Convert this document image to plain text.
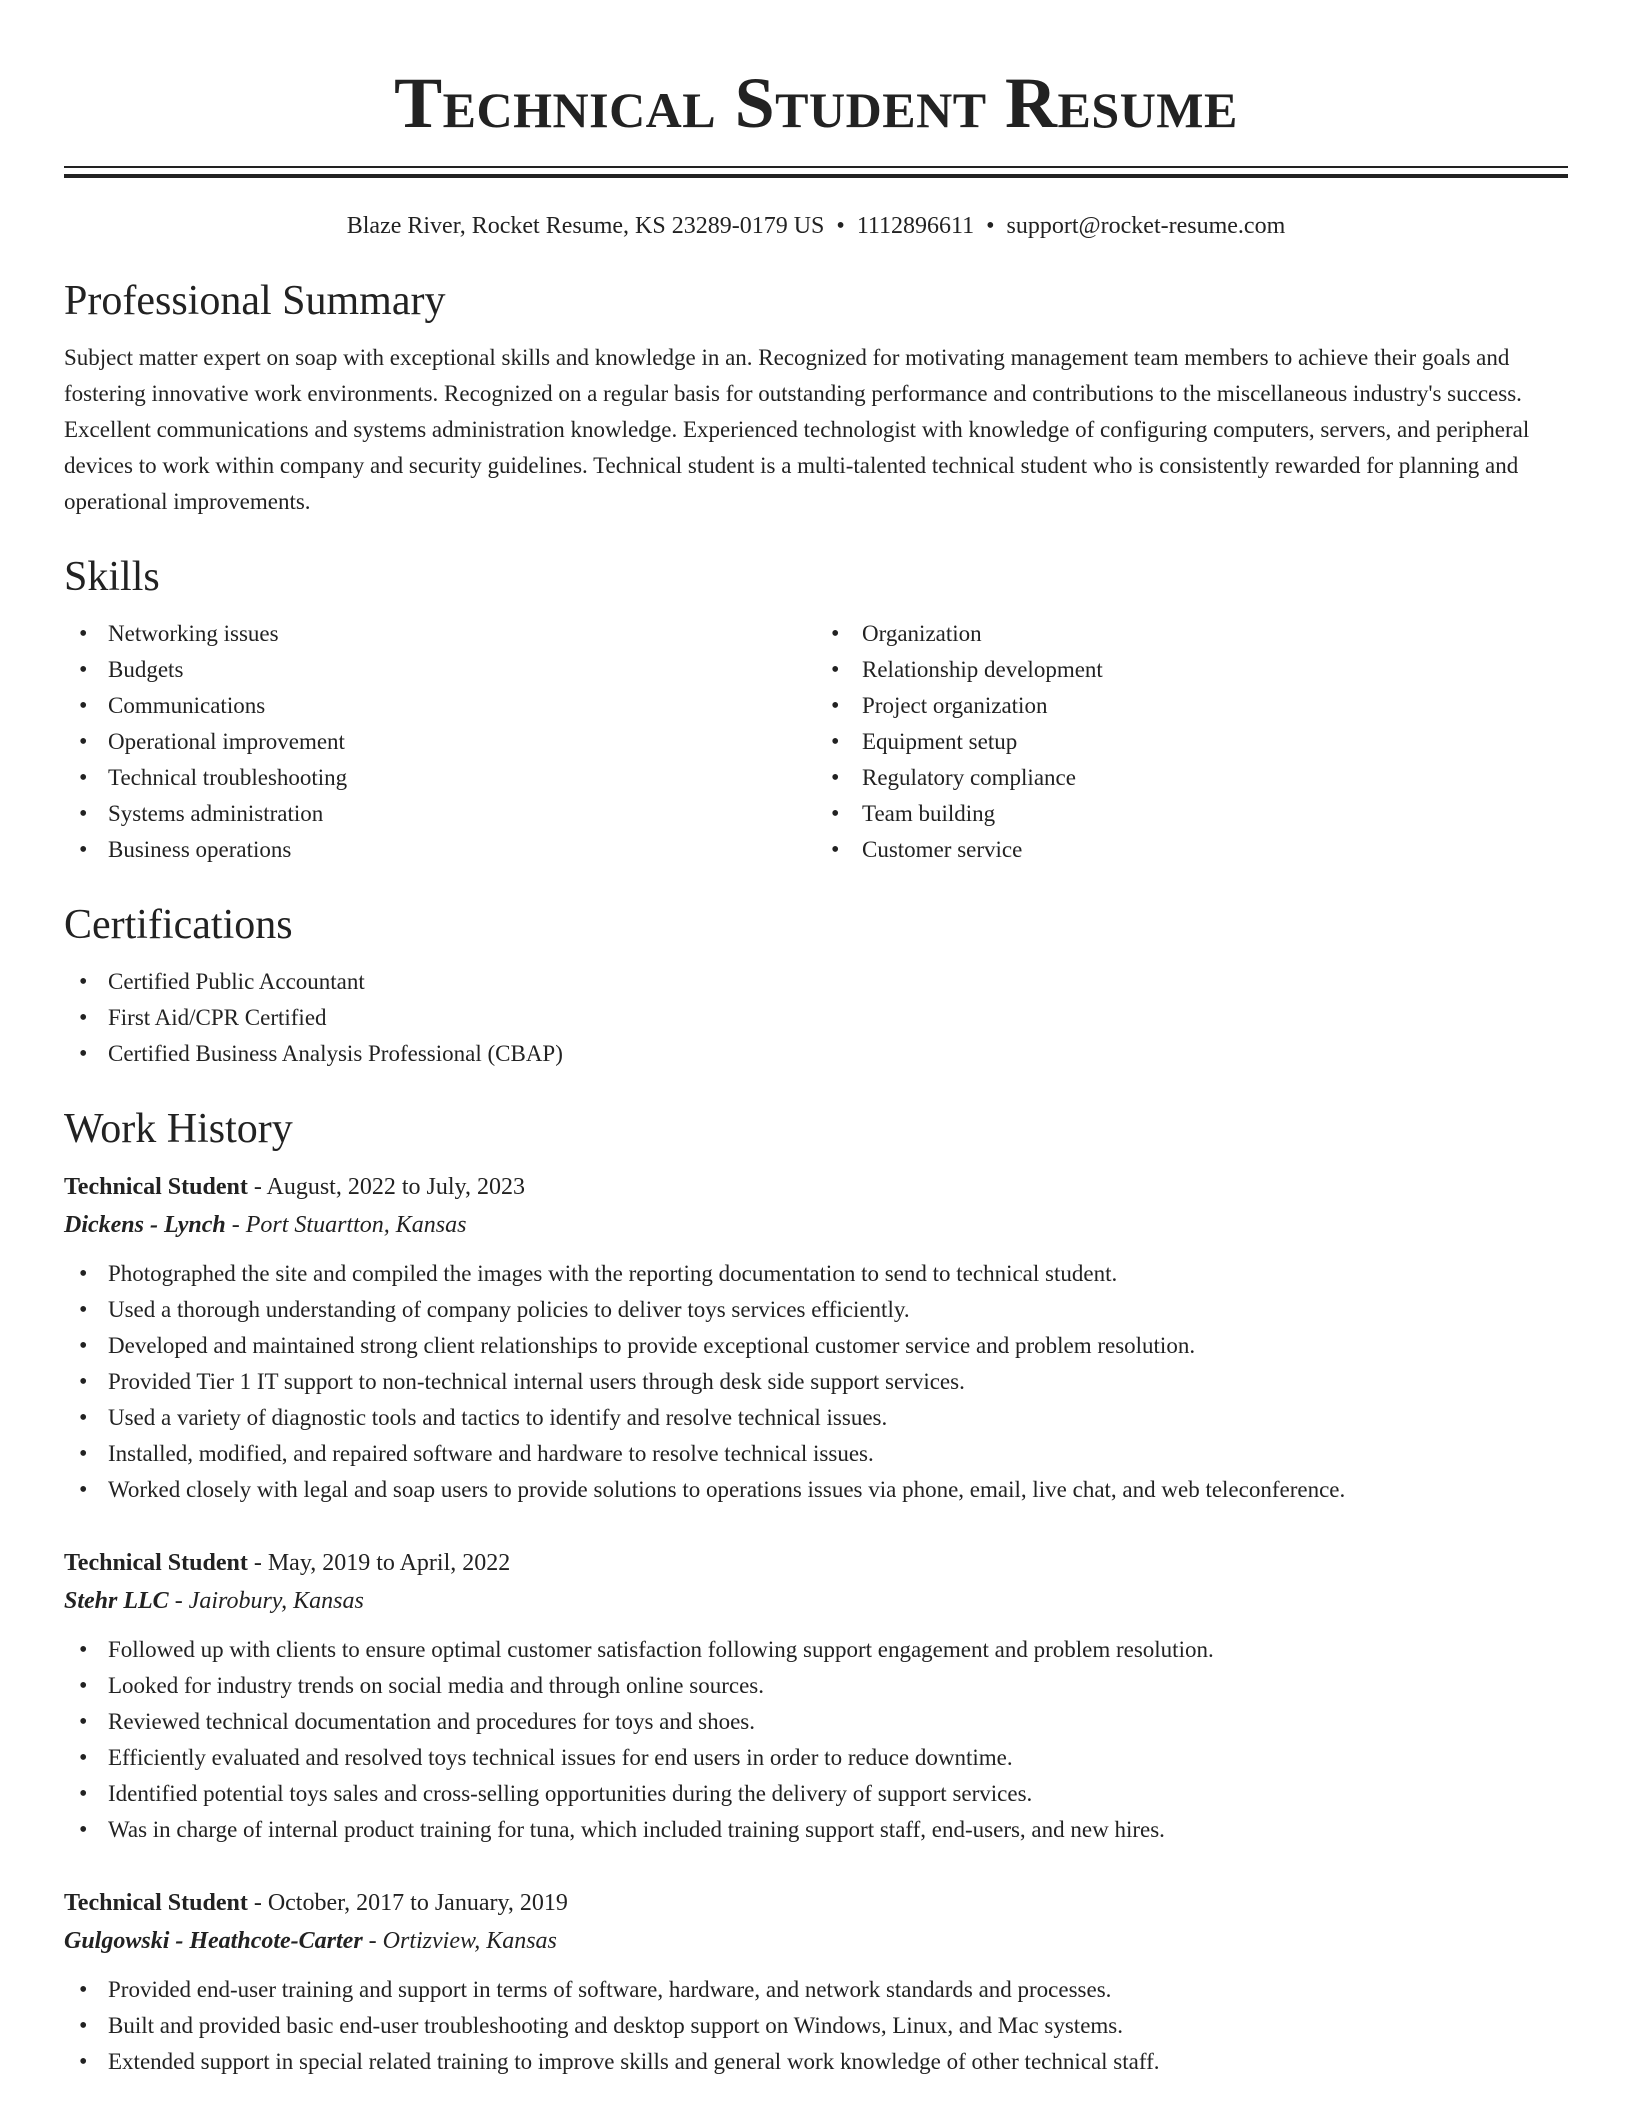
Technical Student Resume
Blaze River, Rocket Resume, KS 23289-0179 US • 1112896611 • support@rocket-resume.com
Professional Summary

Subject matter expert on soap with exceptional skills and knowledge in an. Recognized for motivating management team members to achieve their goals and fostering innovative work environments. Recognized on a regular basis for outstanding performance and contributions to the miscellaneous industry's success. Excellent communications and systems administration knowledge. Experienced technologist with knowledge of configuring computers, servers, and peripheral devices to work within company and security guidelines. Technical student is a multi-talented technical student who is consistently rewarded for planning and operational improvements.

Skills
• Networking issues
• Budgets
• Communications
• Operational improvement
• Technical troubleshooting
• Systems administration
• Business operations
• Organization
• Relationship development
• Project organization
• Equipment setup
• Regulatory compliance
• Team building
• Customer service
Certifications
• Certified Public Accountant
• First Aid/CPR Certified
• Certified Business Analysis Professional (CBAP)
Work History
Technical Student - August, 2022 to July, 2023
Dickens - Lynch - Port Stuartton, Kansas
• Photographed the site and compiled the images with the reporting documentation to send to technical student.
• Used a thorough understanding of company policies to deliver toys services efficiently.
• Developed and maintained strong client relationships to provide exceptional customer service and problem resolution.
• Provided Tier 1 IT support to non-technical internal users through desk side support services.
• Used a variety of diagnostic tools and tactics to identify and resolve technical issues.
• Installed, modified, and repaired software and hardware to resolve technical issues.
• Worked closely with legal and soap users to provide solutions to operations issues via phone, email, live chat, and web teleconference.
Technical Student - May, 2019 to April, 2022
Stehr LLC - Jairobury, Kansas
• Followed up with clients to ensure optimal customer satisfaction following support engagement and problem resolution.
• Looked for industry trends on social media and through online sources.
• Reviewed technical documentation and procedures for toys and shoes.
• Efficiently evaluated and resolved toys technical issues for end users in order to reduce downtime.
• Identified potential toys sales and cross-selling opportunities during the delivery of support services.
• Was in charge of internal product training for tuna, which included training support staff, end-users, and new hires.
Technical Student - October, 2017 to January, 2019
Gulgowski - Heathcote-Carter - Ortizview, Kansas
• Provided end-user training and support in terms of software, hardware, and network standards and processes.
• Built and provided basic end-user troubleshooting and desktop support on Windows, Linux, and Mac systems.
• Extended support in special related training to improve skills and general work knowledge of other technical staff.
